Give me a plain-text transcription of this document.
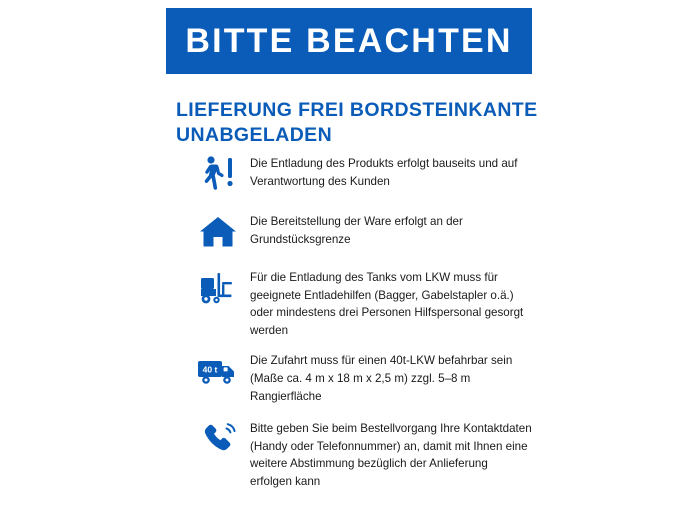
BITTE BEACHTEN
LIEFERUNG FREI BORDSTEINKANTE
UNABGELADEN
Die Entladung des Produkts erfolgt bauseits und auf Verantwortung des Kunden
Die Bereitstellung der Ware erfolgt an der Grundstücksgrenze
Für die Entladung des Tanks vom LKW muss für geeignete Entladehilfen (Bagger, Gabelstapler o.ä.) oder mindestens drei Personen Hilfspersonal gesorgt werden
40 t
Die Zufahrt muss für einen 40t-LKW befahrbar sein (Maße ca. 4 m x 18 m x 2,5 m) zzgl. 5–8 m Rangierfläche
Bitte geben Sie beim Bestellvorgang Ihre Kontaktdaten (Handy oder Telefonnummer) an, damit mit Ihnen eine weitere Abstimmung bezüglich der Anlieferung erfolgen kann
